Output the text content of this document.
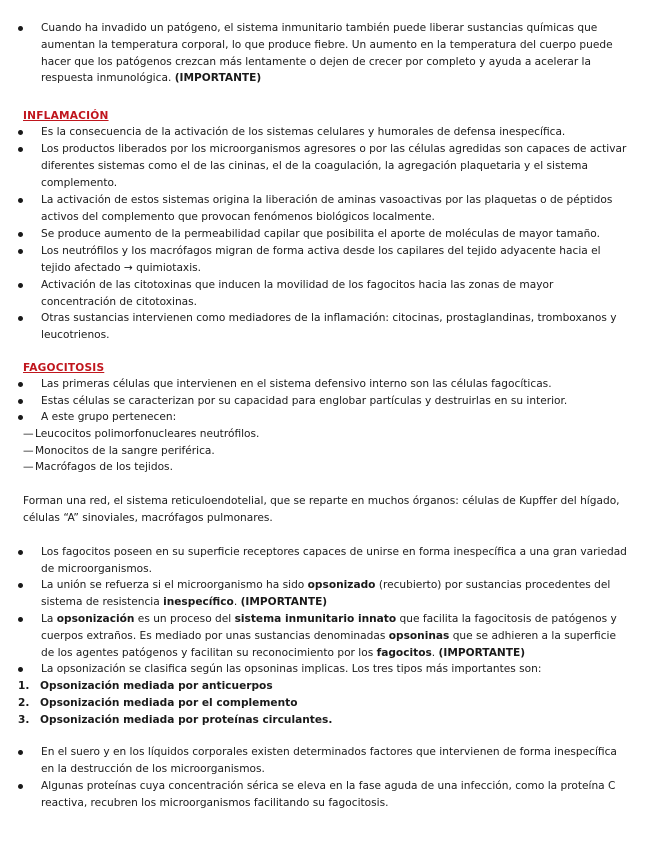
Cuando ha invadido un patógeno, el sistema inmunitario también puede liberar sustancias químicas que aumentan la temperatura corporal, lo que produce fiebre. Un aumento en la temperatura del cuerpo puede hacer que los patógenos crezcan más lentamente o dejen de crecer por completo y ayuda a acelerar la respuesta inmunológica. (IMPORTANTE)
INFLAMACIÓN
Es la consecuencia de la activación de los sistemas celulares y humorales de defensa inespecífica.
Los productos liberados por los microorganismos agresores o por las células agredidas son capaces de activar diferentes sistemas como el de las cininas, el de la coagulación, la agregación plaquetaria y el sistema complemento.
La activación de estos sistemas origina la liberación de aminas vasoactivas por las plaquetas o de péptidos activos del complemento que provocan fenómenos biológicos localmente.
Se produce aumento de la permeabilidad capilar que posibilita el aporte de moléculas de mayor tamaño.
Los neutrófilos y los macrófagos migran de forma activa desde los capilares del tejido adyacente hacia el tejido afectado → quimiotaxis.
Activación de las citotoxinas que inducen la movilidad de los fagocitos hacia las zonas de mayor concentración de citotoxinas.
Otras sustancias intervienen como mediadores de la inflamación: citocinas, prostaglandinas, tromboxanos y leucotrienos.
FAGOCITOSIS
Las primeras células que intervienen en el sistema defensivo interno son las células fagocíticas.
Estas células se caracterizan por su capacidad para englobar partículas y destruirlas en su interior.
A este grupo pertenecen:
—Leucocitos polimorfonucleares neutrófilos.
—Monocitos de la sangre periférica.
—Macrófagos de los tejidos.
Forman una red, el sistema reticuloendotelial, que se reparte en muchos órganos: células de Kupffer del hígado, células “A” sinoviales, macrófagos pulmonares.
Los fagocitos poseen en su superficie receptores capaces de unirse en forma inespecífica a una gran variedad de microorganismos.
La unión se refuerza si el microorganismo ha sido opsonizado (recubierto) por sustancias procedentes del sistema de resistencia inespecífico. (IMPORTANTE)
La opsonización es un proceso del sistema inmunitario innato que facilita la fagocitosis de patógenos y cuerpos extraños. Es mediado por unas sustancias denominadas opsoninas que se adhieren a la superficie de los agentes patógenos y facilitan su reconocimiento por los fagocitos. (IMPORTANTE)
La opsonización se clasifica según las opsoninas implicas. Los tres tipos más importantes son:
1. Opsonización mediada por anticuerpos
2. Opsonización mediada por el complemento
3. Opsonización mediada por proteínas circulantes.
En el suero y en los líquidos corporales existen determinados factores que intervienen de forma inespecífica en la destrucción de los microorganismos.
Algunas proteínas cuya concentración sérica se eleva en la fase aguda de una infección, como la proteína C reactiva, recubren los microorganismos facilitando su fagocitosis.
